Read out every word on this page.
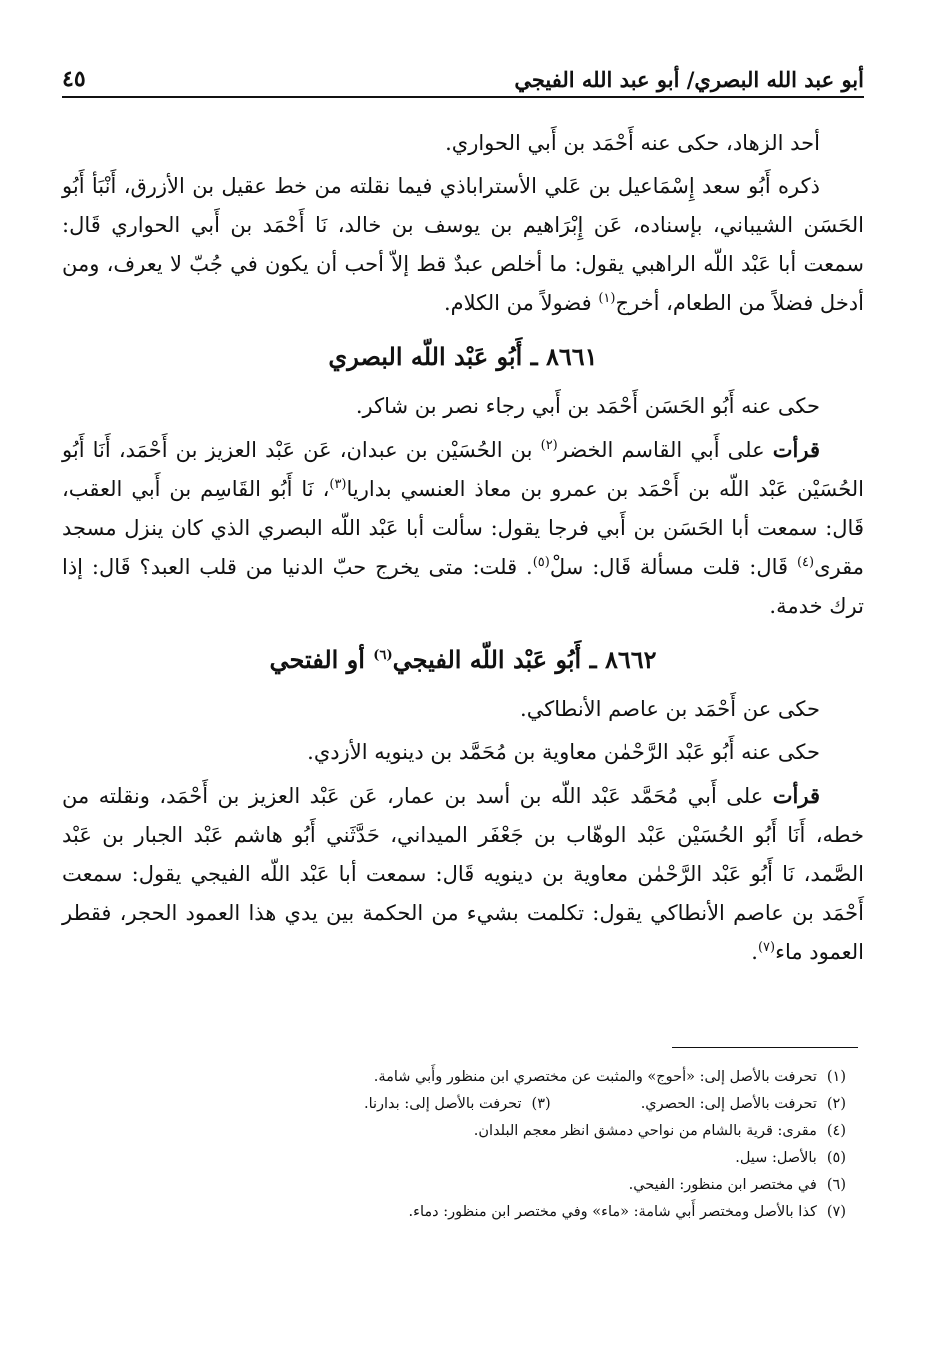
أبو عبد الله البصري/ أبو عبد الله الفيجي
٤٥

أحد الزهاد، حكى عنه أَحْمَد بن أَبي الحواري.

ذكره أَبُو سعد إِسْمَاعيل بن عَلي الأستراباذي فيما نقلته من خط عقيل بن الأزرق، أَنْبَأ أَبُو الحَسَن الشيباني، بإسناده، عَن إِبْرَاهيم بن يوسف بن خالد، نَا أَحْمَد بن أَبي الحواري قَال: سمعت أبا عَبْد اللّه الراهبي يقول: ما أخلص عبدٌ قط إلاّ أحب أن يكون في جُبّ لا يعرف، ومن أدخل فضلاً من الطعام، أخرج$^{(١)}$ فضولاً من الكلام.

٨٦٦١ ـ أَبُو عَبْد اللّه البصري

حكى عنه أَبُو الحَسَن أَحْمَد بن أَبي رجاء نصر بن شاكر.

قرأت على أَبي القاسم الخضر$^{(٢)}$ بن الحُسَيْن بن عبدان، عَن عَبْد العزيز بن أَحْمَد، أَنَا أَبُو الحُسَيْن عَبْد اللّه بن أَحْمَد بن عمرو بن معاذ العنسي بداريا$^{(٣)}$، نَا أَبُو القَاسِم بن أَبي العقب، قَال: سمعت أبا الحَسَن بن أَبي فرجا يقول: سألت أبا عَبْد اللّه البصري الذي كان ينزل مسجد مقرى$^{(٤)}$ قَال: قلت مسألة قَال: سلْ$^{(٥)}$. قلت: متى يخرج حبّ الدنيا من قلب العبد؟ قَال: إذا ترك خدمة.

٨٦٦٢ ـ أَبُو عَبْد اللّه الفيجي$^{(٦)}$ أو الفتحي

حكى عن أَحْمَد بن عاصم الأنطاكي.

حكى عنه أَبُو عَبْد الرَّحْمٰن معاوية بن مُحَمَّد بن دينويه الأزدي.

قرأت على أَبي مُحَمَّد عَبْد اللّه بن أسد بن عمار، عَن عَبْد العزيز بن أَحْمَد، ونقلته من خطه، أَنَا أَبُو الحُسَيْن عَبْد الوهّاب بن جَعْفَر الميداني، حَدَّثَني أَبُو هاشم عَبْد الجبار بن عَبْد الصَّمد، نَا أَبُو عَبْد الرَّحْمٰن معاوية بن دينويه قَال: سمعت أبا عَبْد اللّه الفيجي يقول: سمعت أَحْمَد بن عاصم الأنطاكي يقول: تكلمت بشيء من الحكمة بين يدي هذا العمود الحجر، فقطر العمود ماء$^{(٧)}$.

(١)
تحرفت بالأصل إلى: «أحوج» والمثبت عن مختصري ابن منظور وأَبي شامة.
(٢)تحرفت بالأصل إلى: الحصري.
(٣)تحرفت بالأصل إلى: بدارنا.
(٤)
مقرى: قرية بالشام من نواحي دمشق انظر معجم البلدان.
(٥)
بالأصل: سيل.
(٦)
في مختصر ابن منظور: الفيحي.
(٧)
كذا بالأصل ومختصر أَبي شامة: «ماء» وفي مختصر ابن منظور: دماء.
